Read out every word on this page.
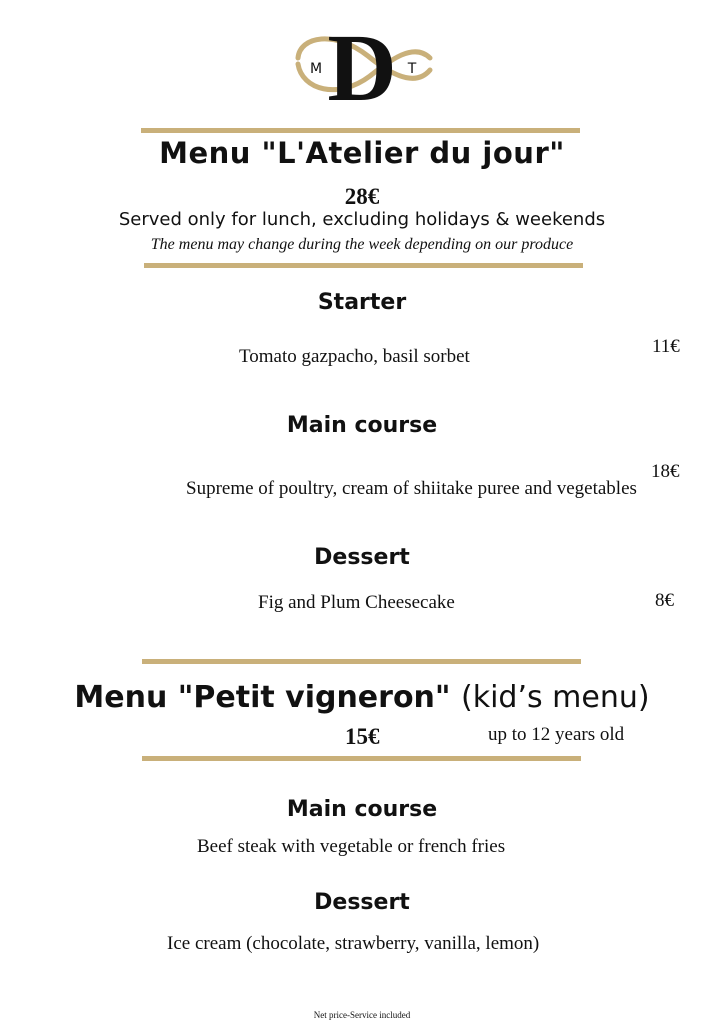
D
M	T
Menu "L'Atelier du jour"
28€
Served only for lunch, excluding holidays & weekends
The menu may change during the week depending on our produce
Starter
Tomato gazpacho, basil sorbet	11€
Main course
18€
Supreme of poultry, cream of shiitake puree and vegetables
Dessert
Fig and Plum Cheesecake	8€
Menu "Petit vigneron" (kid’s menu)
15€	up to 12 years old
Main course
Beef steak with vegetable or french fries
Dessert
Ice cream (chocolate, strawberry, vanilla, lemon)
Net price-Service included
